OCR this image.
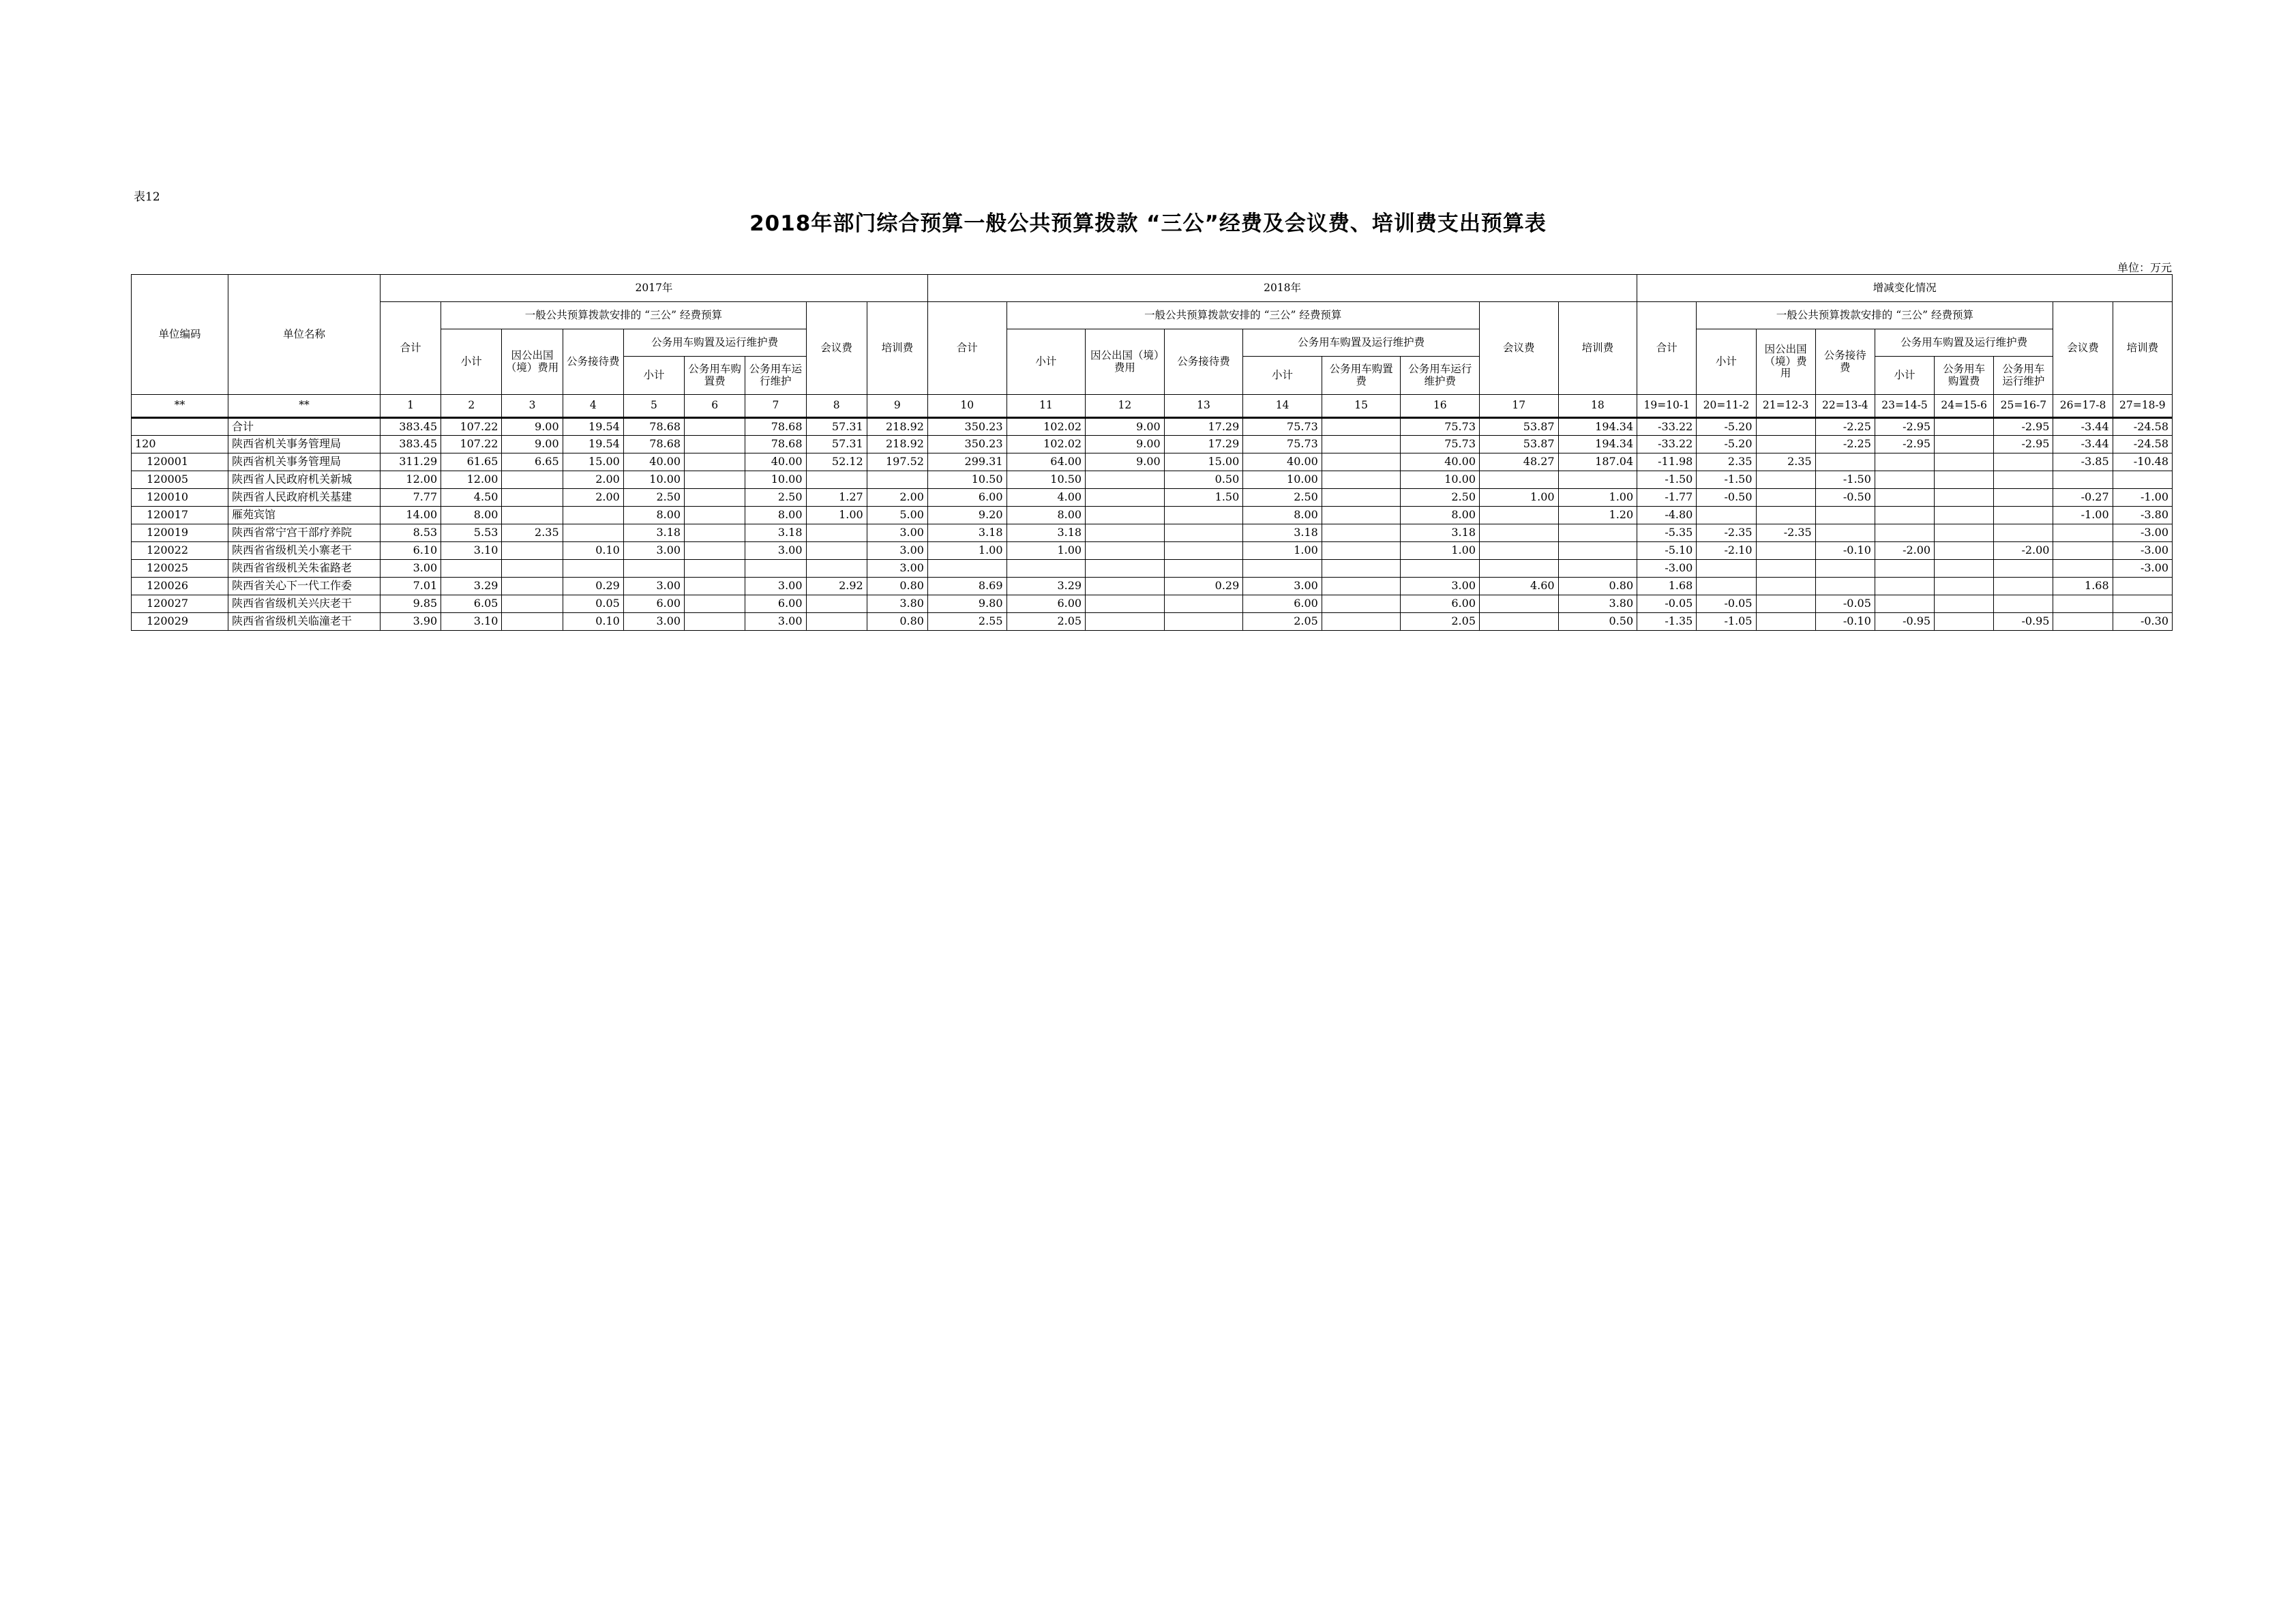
表12
2018年部门综合预算一般公共预算拨款 “三公”经费及会议费、培训费支出预算表
单位：万元
单位编码	单位名称	2017年									2018年									增减变化情况								
		合计	一般公共预算拨款安排的 “三公” 经费预算						会议费	培训费	合计	一般公共预算拨款安排的 “三公” 经费预算						会议费	培训费	合计	一般公共预算拨款安排的 “三公” 经费预算						会议费	培训费
			小计	因公出国（境）费用	公务接待费	公务用车购置及运行维护费						小计	因公出国（境）费用	公务接待费	公务用车购置及运行维护费						小计	因公出国（境）费用	公务接待费	公务用车购置及运行维护费				
						小计	公务用车购置费	公务用车运行维护							小计	公务用车购置费	公务用车运行维护费							小计	公务用车购置费	公务用车运行维护		
**	**	1	2	3	4	5	6	7	8	9	10	11	12	13	14	15	16	17	18	19=10-1	20=11-2	21=12-3	22=13-4	23=14-5	24=15-6	25=16-7	26=17-8	27=18-9
	合计	383.45	107.22	9.00	19.54	78.68		78.68	57.31	218.92	350.23	102.02	9.00	17.29	75.73		75.73	53.87	194.34	-33.22	-5.20		-2.25	-2.95		-2.95	-3.44	-24.58
120	陕西省机关事务管理局	383.45	107.22	9.00	19.54	78.68		78.68	57.31	218.92	350.23	102.02	9.00	17.29	75.73		75.73	53.87	194.34	-33.22	-5.20		-2.25	-2.95		-2.95	-3.44	-24.58
120001	陕西省机关事务管理局	311.29	61.65	6.65	15.00	40.00		40.00	52.12	197.52	299.31	64.00	9.00	15.00	40.00		40.00	48.27	187.04	-11.98	2.35	2.35					-3.85	-10.48
120005	陕西省人民政府机关新城	12.00	12.00		2.00	10.00		10.00			10.50	10.50		0.50	10.00		10.00			-1.50	-1.50		-1.50					
120010	陕西省人民政府机关基建	7.77	4.50		2.00	2.50		2.50	1.27	2.00	6.00	4.00		1.50	2.50		2.50	1.00	1.00	-1.77	-0.50		-0.50				-0.27	-1.00
120017	雁苑宾馆	14.00	8.00			8.00		8.00	1.00	5.00	9.20	8.00			8.00		8.00		1.20	-4.80							-1.00	-3.80
120019	陕西省常宁宫干部疗养院	8.53	5.53	2.35		3.18		3.18		3.00	3.18	3.18			3.18		3.18			-5.35	-2.35	-2.35						-3.00
120022	陕西省省级机关小寨老干	6.10	3.10		0.10	3.00		3.00		3.00	1.00	1.00			1.00		1.00			-5.10	-2.10		-0.10	-2.00		-2.00		-3.00
120025	陕西省省级机关朱雀路老	3.00								3.00										-3.00								-3.00
120026	陕西省关心下一代工作委	7.01	3.29		0.29	3.00		3.00	2.92	0.80	8.69	3.29		0.29	3.00		3.00	4.60	0.80	1.68							1.68	
120027	陕西省省级机关兴庆老干	9.85	6.05		0.05	6.00		6.00		3.80	9.80	6.00			6.00		6.00		3.80	-0.05	-0.05		-0.05					
120029	陕西省省级机关临潼老干	3.90	3.10		0.10	3.00		3.00		0.80	2.55	2.05			2.05		2.05		0.50	-1.35	-1.05		-0.10	-0.95		-0.95		-0.30
